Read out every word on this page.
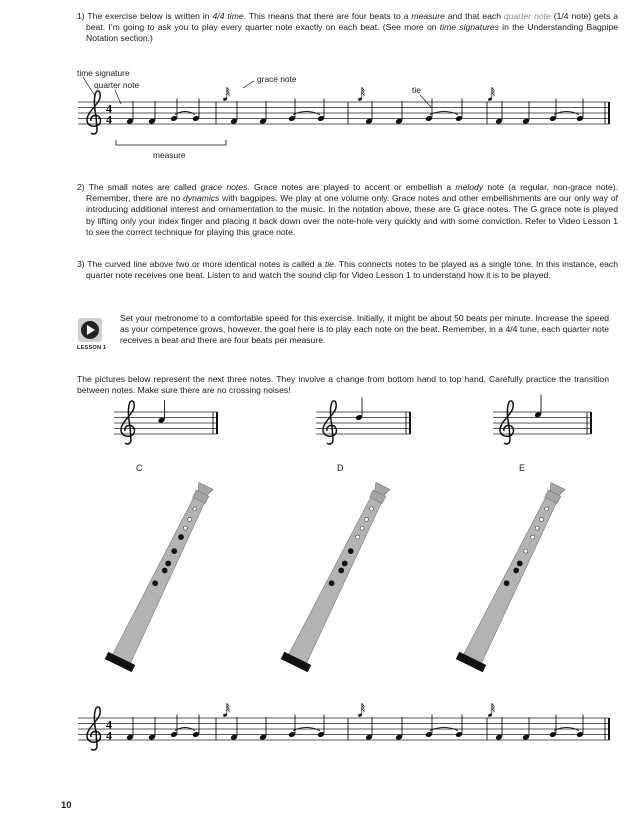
1) The exercise below is written in 4/4 time. This means that there are four beats to a measure and that each quarter note (1/4 note) gets a beat. I’m going to ask you to play every quarter note exactly on each beat. (See more on time signatures in the Understanding Bagpipe Notation section.)

time signature
quarter note
grace note
tie
measure

2) The small notes are called grace notes. Grace notes are played to accent or embellish a melody note (a regular, non-grace note). Remember, there are no dynamics with bagpipes. We play at one volume only. Grace notes and other embellishments are our only way of introducing additional interest and ornamentation to the music. In the notation above, these are G grace notes. The G grace note is played by lifting only your index finger and placing it back down over the note-hole very quickly and with some conviction. Refer to Video Lesson 1 to see the correct technique for playing this grace note.

3) The curved line above two or more identical notes is called a tie. This connects notes to be played as a single tone. In this instance, each quarter note receives one beat. Listen to and watch the sound clip for Video Lesson 1 to understand how it is to be played.

LESSON 1

Set your metronome to a comfortable speed for this exercise. Initially, it might be about 50 beats per minute. Increase the speed as your competence grows, however, the goal here is to play each note on the beat. Remember, in a 4/4 tune, each quarter note receives a beat and there are four beats per measure.

The pictures below represent the next three notes. They involve a change from bottom hand to top hand. Carefully practice the transition between notes. Make sure there are no crossing noises!

C	D	E
10
4
4
4
4
